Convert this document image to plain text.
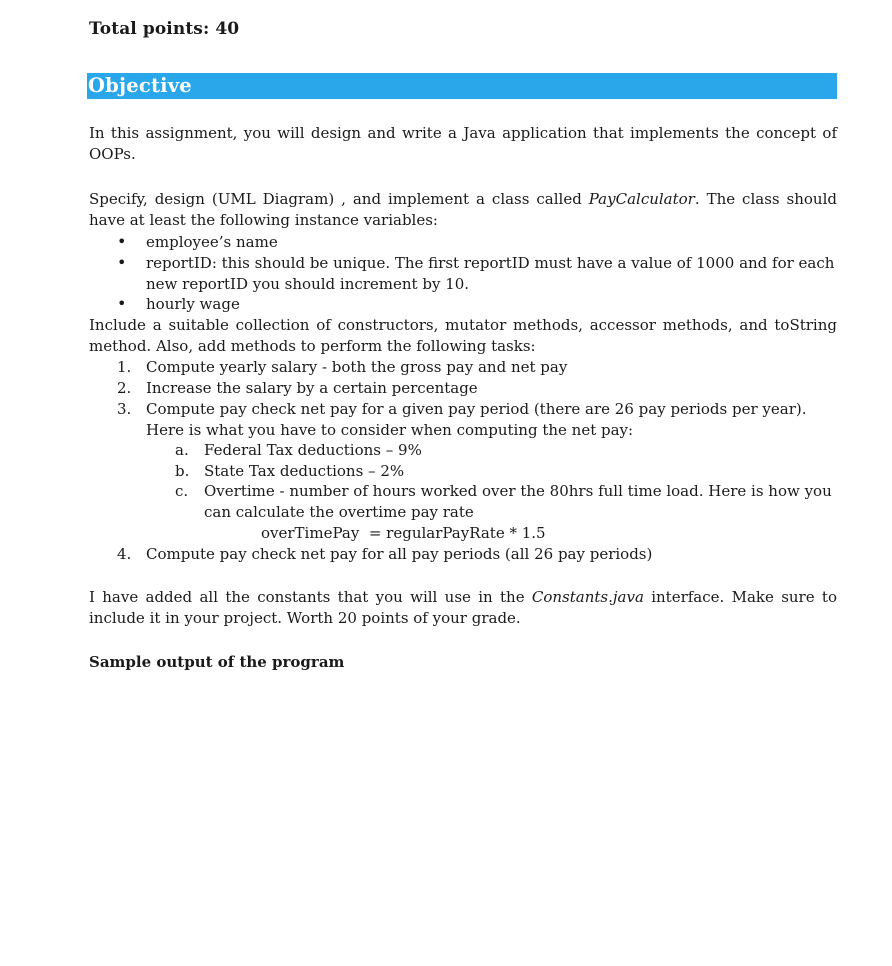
Total points: 40
Objective
In this assignment, you will design and write a Java application that implements the concept of OOPs.
Specify, design (UML Diagram) , and implement a class called PayCalculator. The class should have at least the following instance variables:
• employee’s name
• reportID: this should be unique. The first reportID must have a value of 1000 and for each new reportID you should increment by 10.
• hourly wage
Include a suitable collection of constructors, mutator methods, accessor methods, and toString method. Also, add methods to perform the following tasks:
1. Compute yearly salary - both the gross pay and net pay
2. Increase the salary by a certain percentage
3. Compute pay check net pay for a given pay period (there are 26 pay periods per year). Here is what you have to consider when computing the net pay:
a. Federal Tax deductions – 9%
b. State Tax deductions – 2%
c. Overtime - number of hours worked over the 80hrs full time load. Here is how you can calculate the overtime pay rate
overTimePay  = regularPayRate * 1.5
4. Compute pay check net pay for all pay periods (all 26 pay periods)
I have added all the constants that you will use in the Constants.java interface. Make sure to include it in your project. Worth 20 points of your grade.
Sample output of the program
